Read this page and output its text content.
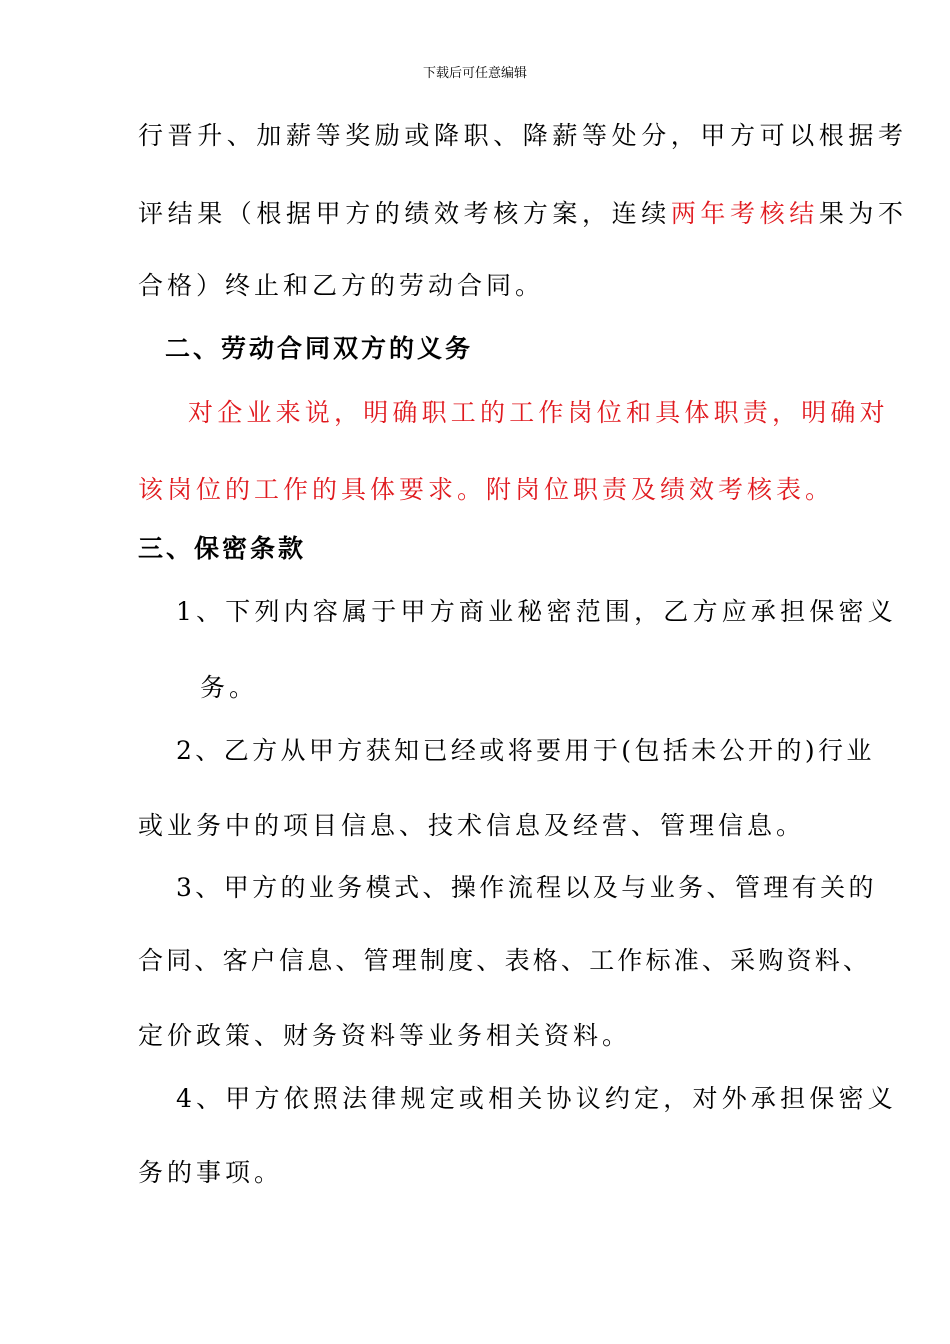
下载后可任意编辑
行晋升、加薪等奖励或降职、降薪等处分，甲方可以根据考
评结果（根据甲方的绩效考核方案，连续两年考核结果为不
合格）终止和乙方的劳动合同。
二、劳动合同双方的义务
对企业来说，明确职工的工作岗位和具体职责，明确对
该岗位的工作的具体要求。附岗位职责及绩效考核表。
三、保密条款
1、下列内容属于甲方商业秘密范围，乙方应承担保密义
务。
2、乙方从甲方获知已经或将要用于(包括未公开的)行业
或业务中的项目信息、技术信息及经营、管理信息。
3、甲方的业务模式、操作流程以及与业务、管理有关的
合同、客户信息、管理制度、表格、工作标准、采购资料、
定价政策、财务资料等业务相关资料。
4、甲方依照法律规定或相关协议约定，对外承担保密义
务的事项。
